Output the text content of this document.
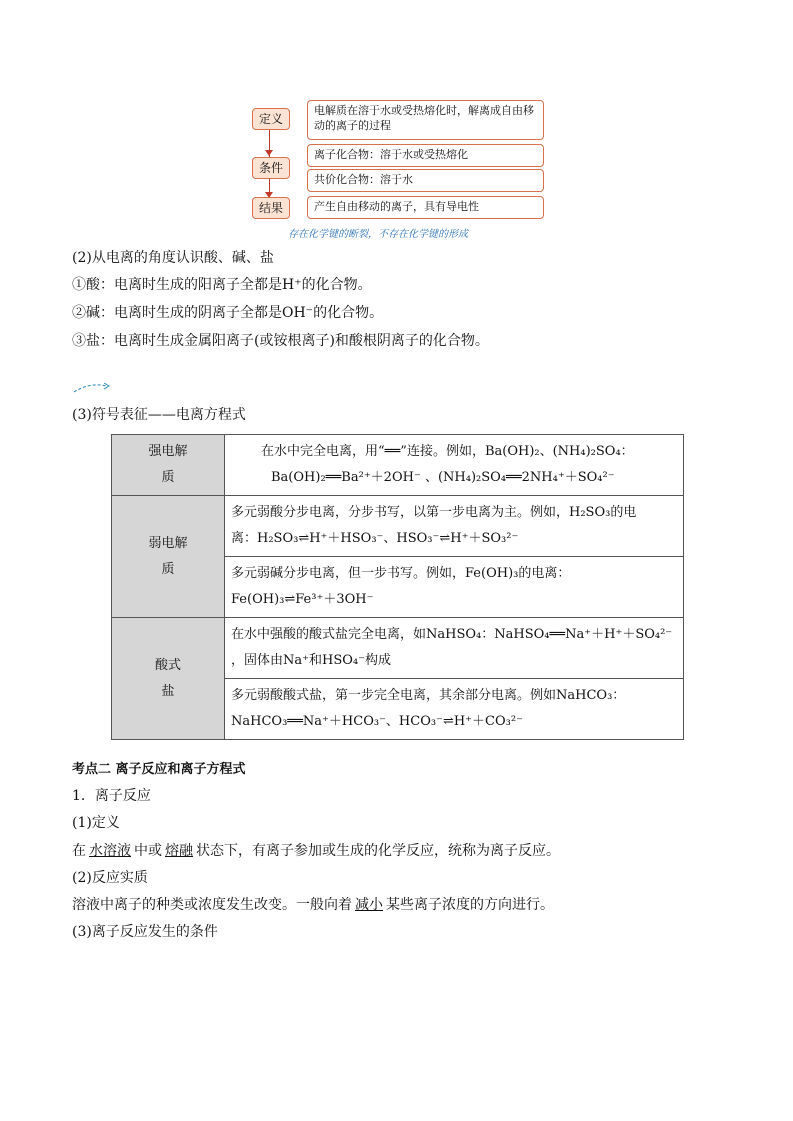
定义
电解质在溶于水或受热熔化时，解离成自由移动的离子的过程
条件
离子化合物：溶于水或受热熔化
共价化合物：溶于水
结果	产生自由移动的离子，具有导电性
存在化学键的断裂，不存在化学键的形成
(2)从电离的角度认识酸、碱、盐
①酸：电离时生成的阳离子全都是H⁺的化合物。
②碱：电离时生成的阴离子全都是OH⁻的化合物。
③盐：电离时生成金属阳离子(或铵根离子)和酸根阴离子的化合物。
(3)符号表征——电离方程式
强电解质	在水中完全电离，用“══”连接。例如，Ba(OH)₂、(NH₄)₂SO₄：
Ba(OH)₂══Ba²⁺＋2OH⁻ 、(NH₄)₂SO₄══2NH₄⁺＋SO₄²⁻

弱电解质	多元弱酸分步电离，分步书写，以第一步电离为主。例如，H₂SO₃的电
离：H₂SO₃⇌H⁺＋HSO₃⁻、HSO₃⁻⇌H⁺＋SO₃²⁻

	多元弱碱分步电离，但一步书写。例如，Fe(OH)₃的电离：
Fe(OH)₃⇌Fe³⁺＋3OH⁻

酸式盐	在水中强酸的酸式盐完全电离，如NaHSO₄：NaHSO₄══Na⁺＋H⁺＋SO₄²⁻
，固体由Na⁺和HSO₄⁻构成

	多元弱酸酸式盐，第一步完全电离，其余部分电离。例如NaHCO₃：
NaHCO₃══Na⁺＋HCO₃⁻、HCO₃⁻⇌H⁺＋CO₃²⁻
考点二 离子反应和离子方程式
1．离子反应
(1)定义
在 水溶液 中或 熔融 状态下，有离子参加或生成的化学反应，统称为离子反应。
(2)反应实质
溶液中离子的种类或浓度发生改变。一般向着 减小 某些离子浓度的方向进行。
(3)离子反应发生的条件
